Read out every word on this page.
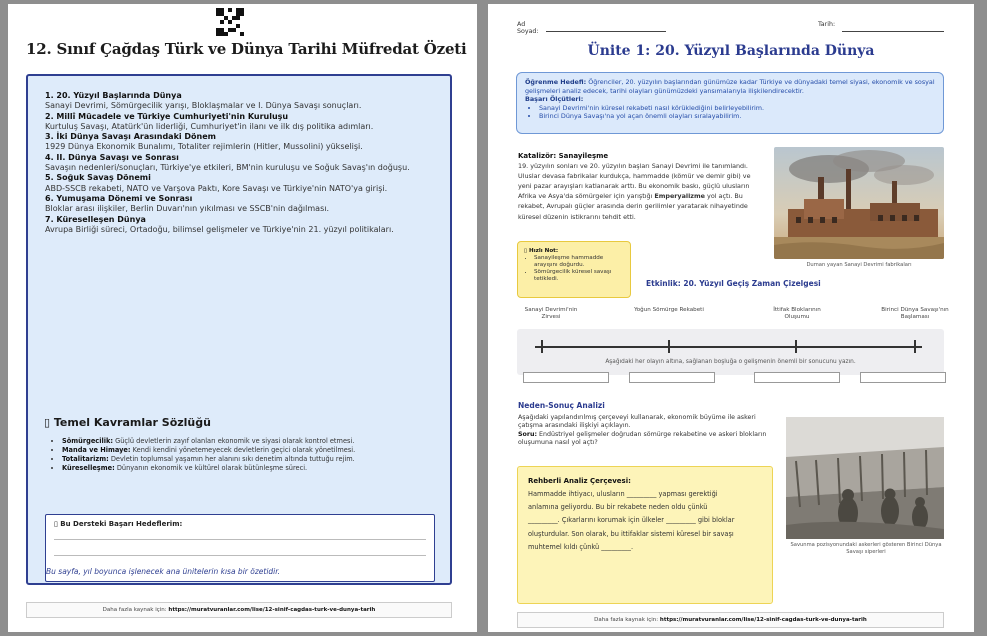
12. Sınıf Çağdaş Türk ve Dünya Tarihi Müfredat Özeti
1. 20. Yüzyıl Başlarında Dünya
Sanayi Devrimi, Sömürgecilik yarışı, Bloklaşmalar ve I. Dünya Savaşı sonuçları.
2. Millî Mücadele ve Türkiye Cumhuriyeti'nin Kuruluşu
Kurtuluş Savaşı, Atatürk'ün liderliği, Cumhuriyet'in ilanı ve ilk dış politika adımları.
3. İki Dünya Savaşı Arasındaki Dönem
1929 Dünya Ekonomik Bunalımı, Totaliter rejimlerin (Hitler, Mussolini) yükselişi.
4. II. Dünya Savaşı ve Sonrası
Savaşın nedenleri/sonuçları, Türkiye'ye etkileri, BM'nin kuruluşu ve Soğuk Savaş'ın doğuşu.
5. Soğuk Savaş Dönemi
ABD-SSCB rekabeti, NATO ve Varşova Paktı, Kore Savaşı ve Türkiye'nin NATO'ya girişi.
6. Yumuşama Dönemi ve Sonrası
Bloklar arası ilişkiler, Berlin Duvarı'nın yıkılması ve SSCB'nin dağılması.
7. Küreselleşen Dünya
Avrupa Birliği süreci, Ortadoğu, bilimsel gelişmeler ve Türkiye'nin 21. yüzyıl politikaları.
▯ Temel Kavramlar Sözlüğü
• Sömürgecilik: Güçlü devletlerin zayıf olanları ekonomik ve siyasi olarak kontrol etmesi.
• Manda ve Himaye: Kendi kendini yönetemeyecek devletlerin geçici olarak yönetilmesi.
• Totalitarizm: Devletin toplumsal yaşamın her alanını sıkı denetim altında tuttuğu rejim.
• Küreselleşme: Dünyanın ekonomik ve kültürel olarak bütünleşme süreci.
▯ Bu Dersteki Başarı Hedeflerim:
Bu sayfa, yıl boyunca işlenecek ana ünitelerin kısa bir özetidir.
Daha fazla kaynak için: https://muratvuranlar.com/lise/12-sinif-cagdas-turk-ve-dunya-tarih
Ad
Soyad:
Tarih:
Ünite 1: 20. Yüzyıl Başlarında Dünya
Öğrenme Hedefi: Öğrenciler, 20. yüzyılın başlarından günümüze kadar Türkiye ve dünyadaki temel siyasi, ekonomik ve sosyal gelişmeleri analiz edecek, tarihi olayları günümüzdeki yansımalarıyla ilişkilendirecektir.
Başarı Ölçütleri:
• Sanayi Devrimi'nin küresel rekabeti nasıl körüklediğini belirleyebilirim.
• Birinci Dünya Savaşı'na yol açan önemli olayları sıralayabilirim.
Katalizör: Sanayileşme
19. yüzyılın sonları ve 20. yüzyılın başları Sanayi Devrimi ile tanımlandı. Uluslar devasa fabrikalar kurdukça, hammadde (kömür ve demir gibi) ve yeni pazar arayışları katlanarak arttı. Bu ekonomik baskı, güçlü ulusların Afrika ve Asya'da sömürgeler için yarıştığı Emperyalizme yol açtı. Bu rekabet, Avrupalı güçler arasında derin gerilimler yaratarak nihayetinde küresel düzenin istikrarını tehdit etti.
Duman yayan Sanayi Devrimi fabrikaları
▯ Hızlı Not:
• Sanayileşme hammadde arayışını doğurdu.
• Sömürgecilik küresel savaşı tetikledi.	Etkinlik: 20. Yüzyıl Geçiş Zaman Çizelgesi
Sanayi Devrimi'nin Zirvesi
Yoğun Sömürge Rekabeti	İttifak Bloklarının Oluşumu
Birinci Dünya Savaşı'nın Başlaması
Aşağıdaki her olayın altına, sağlanan boşluğa o gelişmenin önemli bir sonucunu yazın.
Neden-Sonuç Analizi
Aşağıdaki yapılandırılmış çerçeveyi kullanarak, ekonomik büyüme ile askeri çatışma arasındaki ilişkiyi açıklayın.
Soru: Endüstriyel gelişmeler doğrudan sömürge rekabetine ve askeri blokların oluşumuna nasıl yol açtı?
Savunma pozisyonundaki askerleri gösteren Birinci Dünya Savaşı siperleri
Rehberli Analiz Çerçevesi:
Hammadde ihtiyacı, ulusların _________ yapması gerektiği
anlamına geliyordu. Bu bir rekabete neden oldu çünkü
_________. Çıkarlarını korumak için ülkeler _________ gibi bloklar
oluşturdular. Son olarak, bu ittifaklar sistemi küresel bir savaşı
muhtemel kıldı çünkü _________.
Daha fazla kaynak için: https://muratvuranlar.com/lise/12-sinif-cagdas-turk-ve-dunya-tarih
